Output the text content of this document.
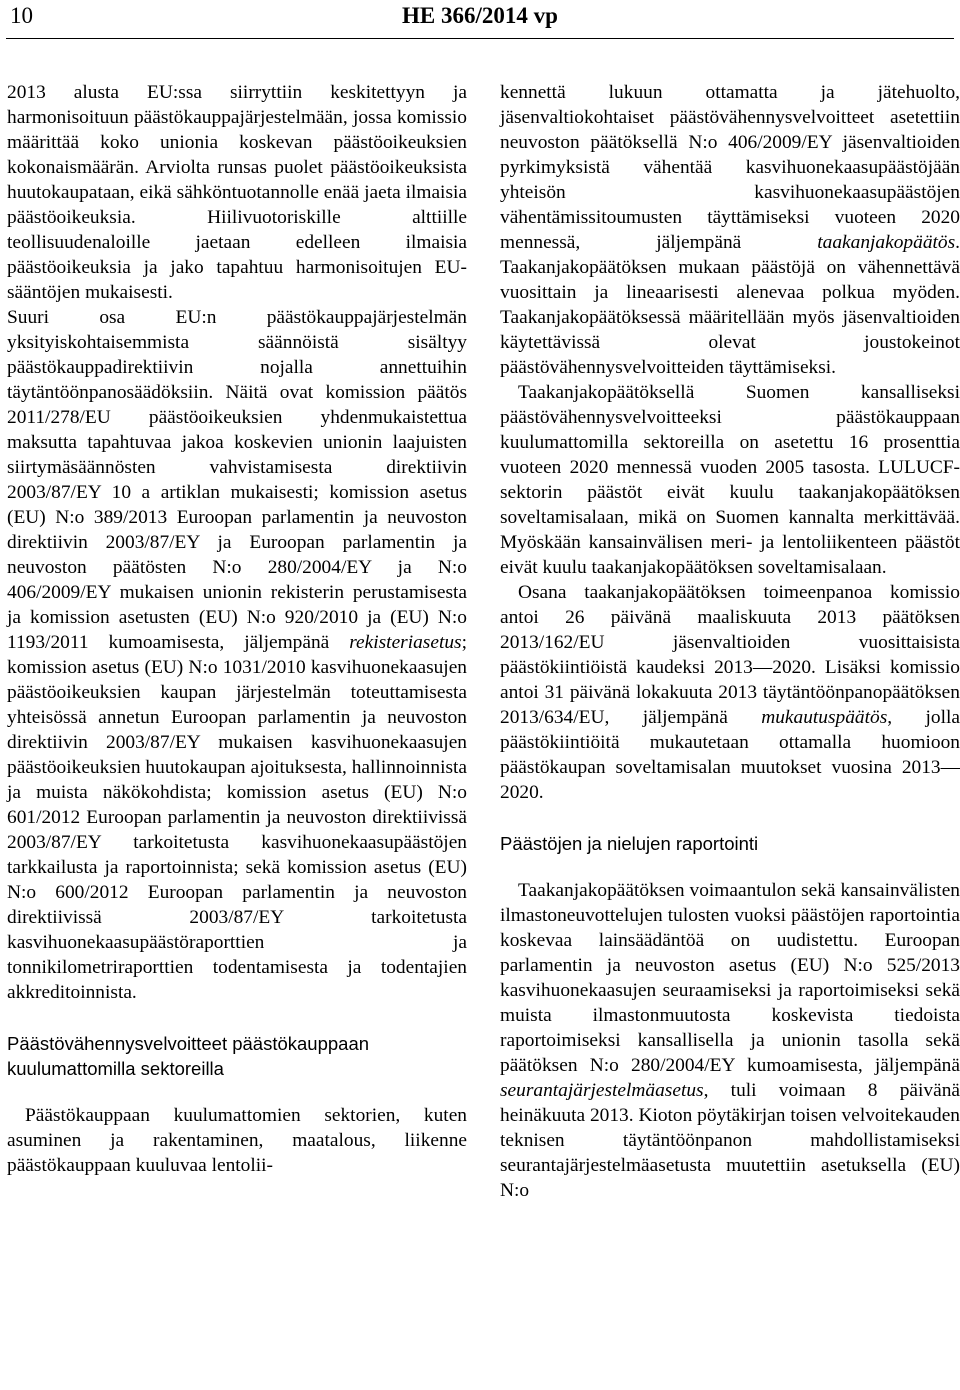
10	HE 366/2014 vp

2013 alusta EU:ssa siirryttiin keskitettyyn ja harmonisoituun päästökauppajärjestelmään, jossa komissio määrittää koko unionia koskevan päästöoikeuksien kokonaismäärän. Arviolta runsas puolet päästöoikeuksista huutokaupataan, eikä sähköntuotannolle enää jaeta ilmaisia päästöoikeuksia. Hiilivuotoriskille alttiille teollisuudenaloille jaetaan edelleen ilmaisia päästöoikeuksia ja jako tapahtuu harmonisoitujen EU-sääntöjen mukaisesti.

Suuri osa EU:n päästökauppajärjestelmän yksityiskohtaisemmista säännöistä sisältyy päästökauppadirektiivin nojalla annettuihin täytäntöönpanosäädöksiin. Näitä ovat komission päätös 2011/278/EU päästöoikeuksien yhdenmukaistettua maksutta tapahtuvaa jakoa koskevien unionin laajuisten siirtymäsäännösten vahvistamisesta direktiivin 2003/87/EY 10 a artiklan mukaisesti; komission asetus (EU) N:o 389/2013 Euroopan parlamentin ja neuvoston direktiivin 2003/87/EY ja Euroopan parlamentin ja neuvoston päätösten N:o 280/2004/EY ja N:o 406/2009/EY mukaisen unionin rekisterin perustamisesta ja komission asetusten (EU) N:o 920/2010 ja (EU) N:o 1193/2011 kumoamisesta, jäljempänä rekisteriasetus; komission asetus (EU) N:o 1031/2010 kasvihuonekaasujen päästöoikeuksien kaupan järjestelmän toteuttamisesta yhteisössä annetun Euroopan parlamentin ja neuvoston direktiivin 2003/87/EY mukaisen kasvihuonekaasujen päästöoikeuksien huutokaupan ajoituksesta, hallinnoinnista ja muista näkökohdista; komission asetus (EU) N:o 601/2012 Euroopan parlamentin ja neuvoston direktiivissä 2003/87/EY tarkoitetusta kasvihuonekaasupäästöjen tarkkailusta ja raportoinnista; sekä komission asetus (EU) N:o 600/2012 Euroopan parlamentin ja neuvoston direktiivissä 2003/87/EY tarkoitetusta kasvihuonekaasupäästöraporttien ja tonnikilometriraporttien todentamisesta ja todentajien akkreditoinnista.

Päästövähennysvelvoitteet päästökauppaan kuulumattomilla sektoreilla

Päästökauppaan kuulumattomien sektorien, kuten asuminen ja rakentaminen, maatalous, liikenne päästökauppaan kuuluvaa lentolii-

kennettä lukuun ottamatta ja jätehuolto, jäsenvaltiokohtaiset päästövähennysvelvoitteet asetettiin neuvoston päätöksellä N:o 406/2009/EY jäsenvaltioiden pyrkimyksistä vähentää kasvihuonekaasupäästöjään yhteisön kasvihuonekaasupäästöjen vähentämissitoumusten täyttämiseksi vuoteen 2020 mennessä, jäljempänä	taakanjakopäätös. Taakanjakopäätöksen mukaan päästöjä on vähennettävä vuosittain ja lineaarisesti alenevaa polkua myöden. Taakanjakopäätöksessä määritellään myös jäsenvaltioiden käytettävissä olevat joustokeinot päästövähennysvelvoitteiden täyttämiseksi.

Taakanjakopäätöksellä Suomen kansalliseksi päästövähennysvelvoitteeksi päästökauppaan kuulumattomilla sektoreilla on asetettu 16 prosenttia vuoteen 2020 mennessä vuoden 2005 tasosta. LULUCF-sektorin päästöt eivät kuulu taakanjakopäätöksen soveltamisalaan, mikä on Suomen kannalta merkittävää. Myöskään kansainvälisen meri- ja lentoliikenteen päästöt eivät kuulu taakanjakopäätöksen soveltamisalaan.

Osana taakanjakopäätöksen toimeenpanoa komissio antoi 26 päivänä maaliskuuta 2013 päätöksen 2013/162/EU jäsenvaltioiden vuosittaisista päästökiintiöistä kaudeksi 2013—2020. Lisäksi komissio antoi 31 päivänä lokakuuta 2013 täytäntöönpanopäätöksen 2013/634/EU, jäljempänä mukautuspäätös, jolla päästökiintiöitä mukautetaan ottamalla huomioon päästökaupan soveltamisalan muutokset vuosina 2013—2020.

Päästöjen ja nielujen raportointi

Taakanjakopäätöksen voimaantulon sekä kansainvälisten ilmastoneuvottelujen tulosten vuoksi päästöjen raportointia koskevaa lainsäädäntöä on uudistettu. Euroopan parlamentin ja neuvoston asetus (EU) N:o 525/2013 kasvihuonekaasujen seuraamiseksi ja raportoimiseksi sekä muista ilmastonmuutosta koskevista tiedoista raportoimiseksi kansallisella ja unionin tasolla sekä päätöksen N:o 280/2004/EY kumoamisesta, jäljempänä seurantajärjestelmäasetus, tuli voimaan 8 päivänä heinäkuuta 2013. Kioton pöytäkirjan toisen velvoitekauden teknisen täytäntöönpanon mahdollistamiseksi seurantajärjestelmäasetusta muutettiin asetuksella (EU) N:o
